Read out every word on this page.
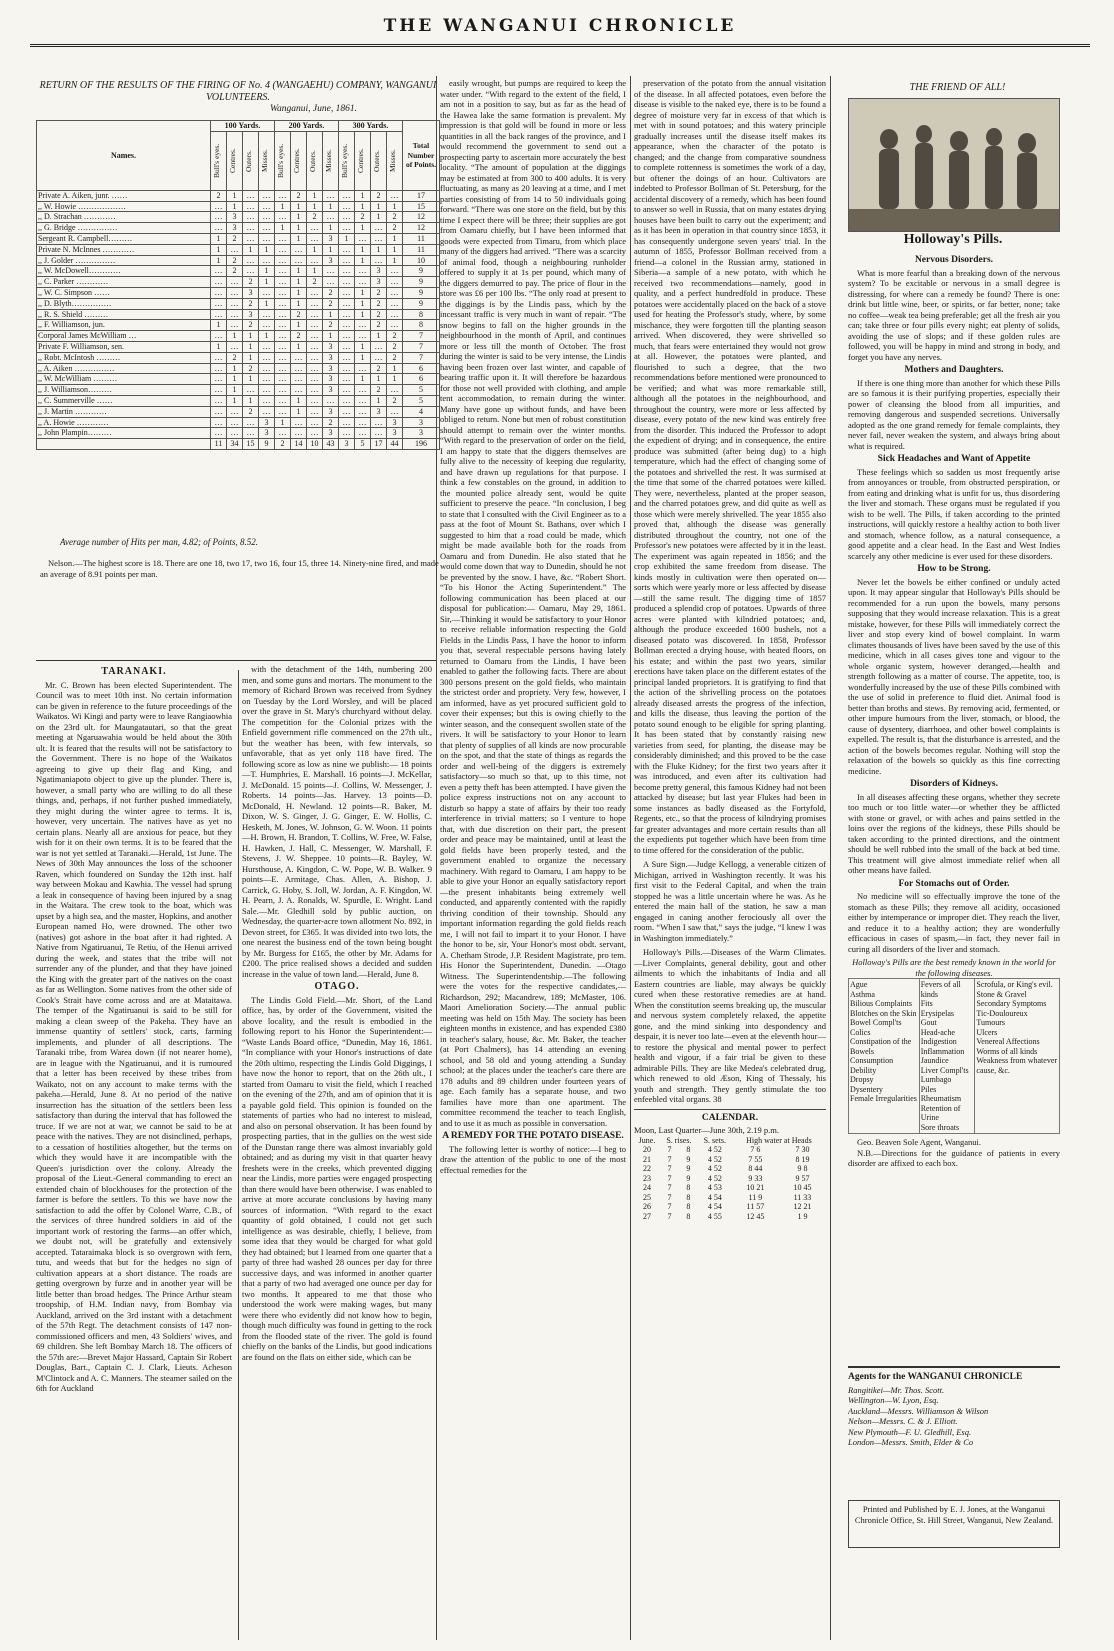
THE WANGANUI CHRONICLE
RETURN OF THE RESULTS OF THE FIRING OF No. 4 (WANGAEHU) COMPANY, WANGANUI VOLUNTEERS.
Wanganui, June, 1861.
Names.	100 Yards.				200 Yards.				300 Yards.				Total Number of Points.

	Bull's eyes.	Centres.	Outers.	Misses.	Bull's eyes.	Centres.	Outers.	Misses.	Bull's eyes.	Centres.	Outers.	Misses.	

Private A. Aiken, junr. ……	2	1	…	…	…	2	1	…	…	1	2	…	17
,, W. Howie ………………	…	1	…	…	1	1	1	1	…	1	1	1	15
,, D. Strachan …………	…	3	…	…	…	1	2	…	…	2	1	2	12
,, G. Bridge ……………	…	3	…	…	1	1	…	1	…	1	…	2	12
Sergeant R. Campbell………	1	2	…	…	…	1	…	3	1	…	…	1	11
Private N. McInnes …………	1	…	1	1	…	…	1	1	…	1	1	1	11
,, J. Golder ……………	1	2	…	…	…	…	…	3	…	1	…	1	10
,, W. McDowell…………	…	2	…	1	…	1	1	…	…	…	3	…	9
,, C. Parker …………	…	…	2	1	…	1	2	…	…	…	3	…	9
,, W. C. Simpson ……	…	…	3	…	…	1	…	2	…	1	2	…	9
,, D. Blyth……………	…	…	2	1	…	1	…	2	…	1	2	…	9
,, R. S. Shield ………	…	…	3	…	…	2	…	1	…	1	2	…	8
,, F. Williamson, jun.	1	…	2	…	…	1	…	2	…	…	2	…	8
Corporal James McWilliam …	…	1	1	1	…	2	…	1	…	…	1	2	7
Private F. Williamson, sen.	1	…	1	…	…	1	…	3	…	1	…	2	7
,, Robt. McIntosh ………	…	2	1	…	…	…	…	3	…	1	…	2	7
,, A. Aiken ……………	…	1	2	…	…	…	…	3	…	…	2	1	6
,, W. McWilliam ………	…	1	1	…	…	…	…	3	…	1	1	1	6
,, J. Williamson………	…	1	…	…	…	…	…	3	…	…	2	…	5
,, C. Summerville ……	…	1	1	…	…	1	…	…	…	…	1	2	5
,, J. Martin …………	…	…	2	…	…	1	…	3	…	…	3	…	4
,, A. Howie …………	…	…	…	3	1	…	…	2	…	…	…	3	3
,, John Plampin………	…	…	…	3	…	…	…	3	…	…	…	3	3
	11	34	15	9	2	14	10	43	3	5	17	44	196
Average number of Hits per man, 4.82; of Points, 8.52.
Nelson.—The highest score is 18. There are one 18, two 17, two 16, four 15, three 14. Ninety-nine fired, and made an average of 8.91 points per man.
TARANAKI.

Mr. C. Brown has been elected Superintendent. The Council was to meet 10th inst. No certain information can be given in reference to the future proceedings of the Waikatos. Wi Kingi and party were to leave Rangiaowhia on the 23rd ult. for Maungatautari, so that the great meeting at Ngaruawahia would be held about the 30th ult. It is feared that the results will not be satisfactory to the Government. There is no hope of the Waikatos agreeing to give up their flag and King, and Ngatimaniapoto object to give up the plunder. There is, however, a small party who are willing to do all these things, and, perhaps, if not further pushed immediately, they might during the winter agree to terms. It is, however, very uncertain. The natives have as yet no certain plans. Nearly all are anxious for peace, but they wish for it on their own terms. It is to be feared that the war is not yet settled at Taranaki.—Herald, 1st June. The News of 30th May announces the loss of the schooner Raven, which foundered on Sunday the 12th inst. half way between Mokau and Kawhia. The vessel had sprung a leak in consequence of having been injured by a snag in the Waitara. The crew took to the boat, which was upset by a high sea, and the master, Hopkins, and another European named Ho, were drowned. The other two (natives) got ashore in the boat after it had righted. A Native from Ngatiruanui, Te Retiu, of the Henui arrived during the week, and states that the tribe will not surrender any of the plunder, and that they have joined the King with the greater part of the natives on the coast as far as Wellington. Some natives from the other side of Cook's Strait have come across and are at Mataitawa. The temper of the Ngatiruanui is said to be still for making a clean sweep of the Pakeha. They have an immense quantity of settlers' stock, carts, farming implements, and plunder of all descriptions. The Taranaki tribe, from Warea down (if not nearer home), are in league with the Ngatiruanui, and it is rumoured that a letter has been received by these tribes from Waikato, not on any account to make terms with the pakeha.—Herald, June 8. At no period of the native insurrection has the situation of the settlers been less satisfactory than during the interval that has followed the truce. If we are not at war, we cannot be said to be at peace with the natives. They are not disinclined, perhaps, to a cessation of hostilities altogether, but the terms on which they would have it are incompatible with the Queen's jurisdiction over the colony. Already the proposal of the Lieut.-General commanding to erect an extended chain of blockhouses for the protection of the farmer is before the settlers. To this we have now the satisfaction to add the offer by Colonel Warre, C.B., of the services of three hundred soldiers in aid of the important work of restoring the farms—an offer which, we doubt not, will be gratefully and extensively accepted. Tataraimaka block is so overgrown with fern, tutu, and weeds that but for the hedges no sign of cultivation appears at a short distance. The roads are getting overgrown by furze and in another year will be little better than broad hedges. The Prince Arthur steam troopship, of H.M. Indian navy, from Bombay via Auckland, arrived on the 3rd instant with a detachment of the 57th Regt. The detachment consists of 147 non-commissioned officers and men, 43 Soldiers' wives, and 69 children. She left Bombay March 18. The officers of the 57th are:—Brevet Major Hassard, Captain Sir Robert Douglas, Bart., Captain C. J. Clark, Lieuts. Acheson M'Clintock and A. C. Manners. The steamer sailed on the 6th for Auckland

with the detachment of the 14th, numbering 200 men, and some guns and mortars. The monument to the memory of Richard Brown was received from Sydney on Tuesday by the Lord Worsley, and will be placed over the grave in St. Mary's churchyard without delay. The competition for the Colonial prizes with the Enfield government rifle commenced on the 27th ult., but the weather has been, with few intervals, so unfavorable, that as yet only 118 have fired. The following score as low as nine we publish:— 18 points—T. Humphries, E. Marshall. 16 points—J. McKellar, J. McDonald. 15 points—J. Collins, W. Messenger, J. Roberts. 14 points—Jas. Harvey. 13 points—D. McDonald, H. Newland. 12 points—R. Baker, M. Dixon, W. S. Ginger, J. G. Ginger, E. W. Hollis, C. Hesketh, M. Jones, W. Johnson, G. W. Woon. 11 points—H. Brown, H. Brandon, T. Collins, W. Free, W. False, H. Hawken, J. Hall, C. Messenger, W. Marshall, F. Stevens, J. W. Sheppee. 10 points—R. Bayley, W. Hursthouse, A. Kingdon, C. W. Pope, W. B. Walker. 9 points—E. Armitage, Chas. Allen, A. Bishop, J. Carrick, G. Hoby, S. Joll, W. Jordan, A. F. Kingdon, W. H. Pearn, J. A. Ronalds, W. Spurdle, E. Wright. Land Sale.—Mr. Gledhill sold by public auction, on Wednesday, the quarter-acre town allotment No. 892, in Devon street, for £365. It was divided into two lots, the one nearest the business end of the town being bought by Mr. Burgess for £165, the other by Mr. Adams for £200. The price realised shows a decided and sudden increase in the value of town land.—Herald, June 8.

OTAGO.

The Lindis Gold Field.—Mr. Short, of the Land office, has, by order of the Government, visited the above locality, and the result is embodied in the following report to his Honor the Superintendent:— “Waste Lands Board office, “Dunedin, May 16, 1861. “In compliance with your Honor's instructions of date the 20th ultimo, respecting the Lindis Gold Diggings, I have now the honor to report, that on the 26th ult., I started from Oamaru to visit the field, which I reached on the evening of the 27th, and am of opinion that it is a payable gold field. This opinion is founded on the statements of parties who had no interest to mislead, and also on personal observation. It has been found by prospecting parties, that in the gullies on the west side of the Dunstan range there was almost invariably gold obtained; and as during my visit in that quarter heavy freshets were in the creeks, which prevented digging near the Lindis, more parties were engaged prospecting than there would have been otherwise. I was enabled to arrive at more accurate conclusions by having many sources of information. “With regard to the exact quantity of gold obtained, I could not get such intelligence as was desirable, chiefly, I believe, from some idea that they would be charged for what gold they had obtained; but I learned from one quarter that a party of three had washed 28 ounces per day for three successive days, and was informed in another quarter that a party of two had averaged one ounce per day for two months. It appeared to me that those who understood the work were making wages, but many were there who evidently did not know how to begin, though much difficulty was found in getting to the rock from the flooded state of the river. The gold is found chiefly on the banks of the Lindis, but good indications are found on the flats on either side, which can be

easily wrought, but pumps are required to keep the water under. “With regard to the extent of the field, I am not in a position to say, but as far as the head of the Hawea lake the same formation is prevalent. My impression is that gold will be found in more or less quantities in all the back ranges of the province, and I would recommend the government to send out a prospecting party to ascertain more accurately the best locality. “The amount of population at the diggings may be estimated at from 300 to 400 adults. It is very fluctuating, as many as 20 leaving at a time, and I met parties consisting of from 14 to 50 individuals going forward. “There was one store on the field, but by this time I expect there will be three; their supplies are got from Oamaru chiefly, but I have been informed that goods were expected from Timaru, from which place many of the diggers had arrived. “There was a scarcity of animal food, though a neighbouring runholder offered to supply it at 1s per pound, which many of the diggers demurred to pay. The price of flour in the store was £6 per 100 lbs. “The only road at present to the diggings is by the Lindis pass, which by the incessant traffic is very much in want of repair. “The snow begins to fall on the higher grounds in the neighbourhood in the month of April, and continues more or less till the month of October. The frost during the winter is said to be very intense, the Lindis having been frozen over last winter, and capable of bearing traffic upon it. It will therefore be hazardous for those not well provided with clothing, and ample tent accommodation, to remain during the winter. Many have gone up without funds, and have been obliged to return. None but men of robust constitution should attempt to remain over the winter months. “With regard to the preservation of order on the field, I am happy to state that the diggers themselves are fully alive to the necessity of keeping due regularity, and have drawn up regulations for that purpose. I think a few constables on the ground, in addition to the mounted police already sent, would be quite sufficient to preserve the peace. “In conclusion, I beg to state that I consulted with the Civil Engineer as to a pass at the foot of Mount St. Bathans, over which I suggested to him that a road could be made, which might be made available both for the roads from Oamaru and from Dunedin. He also stated that he would come down that way to Dunedin, should he not be prevented by the snow. I have, &c. “Robert Short. “To his Honor the Acting Superintendent.” The following communication has been placed at our disposal for publication:— Oamaru, May 29, 1861. Sir,—Thinking it would be satisfactory to your Honor to receive reliable information respecting the Gold Fields in the Lindis Pass, I have the honor to inform you that, several respectable persons having lately returned to Oamaru from the Lindis, I have been enabled to gather the following facts. There are about 300 persons present on the gold fields, who maintain the strictest order and propriety. Very few, however, I am informed, have as yet procured sufficient gold to cover their expenses; but this is owing chiefly to the winter season, and the consequent swollen state of the rivers. It will be satisfactory to your Honor to learn that plenty of supplies of all kinds are now procurable on the spot, and that the state of things as regards the order and well-being of the diggers is extremely satisfactory—so much so that, up to this time, not even a petty theft has been attempted. I have given the police express instructions not on any account to disturb so happy a state of affairs by their too ready interference in trivial matters; so I venture to hope that, with due discretion on their part, the present order and peace may be maintained, until at least the gold fields have been properly tested, and the government enabled to organize the necessary machinery. With regard to Oamaru, I am happy to be able to give your Honor an equally satisfactory report—the present inhabitants being extremely well conducted, and apparently contented with the rapidly thriving condition of their township. Should any important information regarding the gold fields reach me, I will not fail to impart it to your Honor. I have the honor to be, sir, Your Honor's most obdt. servant, A. Chetham Strode, J.P. Resident Magistrate, pro tem. His Honor the Superintendent, Dunedin. —Otago Witness. The Superintendentship.—The following were the votes for the respective candidates,—Richardson, 292; Macandrew, 189; McMaster, 106. Maori Amelioration Society.—The annual public meeting was held on 15th May. The society has been eighteen months in existence, and has expended £380 in teacher's salary, house, &c. Mr. Baker, the teacher (at Port Chalmers), has 14 attending an evening school, and 58 old and young attending a Sunday school; at the places under the teacher's care there are 178 adults and 89 children under fourteen years of age. Each family has a separate house, and two families have more than one apartment. The committee recommend the teacher to teach English, and to use it as much as possible in conversation.

A REMEDY FOR THE POTATO DISEASE.

The following letter is worthy of notice:—I beg to draw the attention of the public to one of the most effectual remedies for the

preservation of the potato from the annual visitation of the disease. In all affected potatoes, even before the disease is visible to the naked eye, there is to be found a degree of moisture very far in excess of that which is met with in sound potatoes; and this watery principle gradually increases until the disease itself makes its appearance, when the character of the potato is changed; and the change from comparative soundness to complete rottenness is sometimes the work of a day, but oftener the doings of an hour. Cultivators are indebted to Professor Bollman of St. Petersburg, for the accidental discovery of a remedy, which has been found to answer so well in Russia, that on many estates drying houses have been built to carry out the experiment; and as it has been in operation in that country since 1853, it has consequently undergone seven years' trial. In the autumn of 1855, Professor Bollman received from a friend—a colonel in the Russian army, stationed in Siberia—a sample of a new potato, with which he received two recommendations—namely, good in quality, and a perfect hundredfold in produce. These potatoes were accidentally placed on the back of a stove used for heating the Professor's study, where, by some mischance, they were forgotten till the planting season arrived. When discovered, they were shrivelled so much, that fears were entertained they would not grow at all. However, the potatoes were planted, and flourished to such a degree, that the two recommendations before mentioned were pronounced to be verified; and what was more remarkable still, although all the potatoes in the neighbourhood, and throughout the country, were more or less affected by disease, every potato of the new kind was entirely free from the disorder. This induced the Professor to adopt the expedient of drying; and in consequence, the entire produce was submitted (after being dug) to a high temperature, which had the effect of changing some of the potatoes and shrivelled the rest. It was surmised at the time that some of the charred potatoes were killed. They were, nevertheless, planted at the proper season, and the charred potatoes grew, and did quite as well as those which were merely shrivelled. The year 1855 also proved that, although the disease was generally distributed throughout the country, not one of the Professor's new potatoes were affected by it in the least. The experiment was again repeated in 1856; and the crop exhibited the same freedom from disease. The kinds mostly in cultivation were then operated on—sorts which were yearly more or less affected by disease—still the same result. The digging time of 1857 produced a splendid crop of potatoes. Upwards of three acres were planted with kilndried potatoes; and, although the produce exceeded 1600 bushels, not a diseased potato was discovered. In 1858, Professor Bollman erected a drying house, with heated floors, on his estate; and within the past two years, similar erections have taken place on the different estates of the principal landed proprietors. It is gratifying to find that the action of the shrivelling process on the potatoes already diseased arrests the progress of the infection, and kills the disease, thus leaving the portion of the potato sound enough to be eligible for spring planting. It has been stated that by constantly raising new varieties from seed, for planting, the disease may be considerably diminished; and this proved to be the case with the Fluke Kidney; for the first two years after it was introduced, and even after its cultivation had become pretty general, this famous Kidney had not been attacked by disease; but last year Flukes had been in some instances as badly diseased as the Fortyfold, Regents, etc., so that the process of kilndrying promises far greater advantages and more certain results than all the expedients put together which have been from time to time offered for the consideration of the public.

A Sure Sign.—Judge Kellogg, a venerable citizen of Michigan, arrived in Washington recently. It was his first visit to the Federal Capital, and when the train stopped he was a little uncertain where he was. As he entered the main hall of the station, he saw a man engaged in caning another ferociously all over the room. “When I saw that,” says the judge, “I knew I was in Washington immediately.”

Holloway's Pills.—Diseases of the Warm Climates.—Liver Complaints, general debility, gout and other ailments to which the inhabitants of India and all Eastern countries are liable, may always be quickly cured when these restorative remedies are at hand. When the constitution seems breaking up, the muscular and nervous system completely relaxed, the appetite gone, and the mind sinking into despondency and despair, it is never too late—even at the eleventh hour—to restore the physical and mental power to perfect health and vigour, if a fair trial be given to these admirable Pills. They are like Medea's celebrated drug, which renewed to old Æson, King of Thessaly, his youth and strength. They gently stimulate the too enfeebled vital organs. 38

CALENDAR.
Moon, Last Quarter—June 30th, 2.19 p.m.
June.	S. rises.		S. sets.	High water at Heads	
20	7	8	4 52	7 6	7 30
21	7	9	4 52	7 55	8 19
22	7	9	4 52	8 44	9 8
23	7	9	4 52	9 33	9 57
24	7	8	4 53	10 21	10 45
25	7	8	4 54	11 9	11 33
26	7	8	4 54	11 57	12 21
27	7	8	4 55	12 45	1 9
THE FRIEND OF ALL!
Holloway's Pills.
Nervous Disorders.

What is more fearful than a breaking down of the nervous system? To be excitable or nervous in a small degree is distressing, for where can a remedy be found? There is one: drink but little wine, beer, or spirits, or far better, none; take no coffee—weak tea being preferable; get all the fresh air you can; take three or four pills every night; eat plenty of solids, avoiding the use of slops; and if these golden rules are followed, you will be happy in mind and strong in body, and forget you have any nerves.

Mothers and Daughters.

If there is one thing more than another for which these Pills are so famous it is their purifying properties, especially their power of cleansing the blood from all impurities, and removing dangerous and suspended secretions. Universally adopted as the one grand remedy for female complaints, they never fail, never weaken the system, and always bring about what is required.

Sick Headaches and Want of Appetite

These feelings which so sadden us most frequently arise from annoyances or trouble, from obstructed perspiration, or from eating and drinking what is unfit for us, thus disordering the liver and stomach. These organs must be regulated if you wish to be well. The Pills, if taken according to the printed instructions, will quickly restore a healthy action to both liver and stomach, whence follow, as a natural consequence, a good appetite and a clear head. In the East and West Indies scarcely any other medicine is ever used for these disorders.

How to be Strong.

Never let the bowels be either confined or unduly acted upon. It may appear singular that Holloway's Pills should be recommended for a run upon the bowels, many persons supposing that they would increase relaxation. This is a great mistake, however, for these Pills will immediately correct the liver and stop every kind of bowel complaint. In warm climates thousands of lives have been saved by the use of this medicine, which in all cases gives tone and vigour to the whole organic system, however deranged,—health and strength following as a matter of course. The appetite, too, is wonderfully increased by the use of these Pills combined with the use of solid in preference to fluid diet. Animal food is better than broths and stews. By removing acid, fermented, or other impure humours from the liver, stomach, or blood, the cause of dysentery, diarrhoea, and other bowel complaints is expelled. The result is, that the disturbance is arrested, and the action of the bowels becomes regular. Nothing will stop the relaxation of the bowels so quickly as this fine correcting medicine.

Disorders of Kidneys.

In all diseases affecting these organs, whether they secrete too much or too little water—or whether they be afflicted with stone or gravel, or with aches and pains settled in the loins over the regions of the kidneys, these Pills should be taken according to the printed directions, and the ointment should be well rubbed into the small of the back at bed time. This treatment will give almost immediate relief when all other means have failed.

For Stomachs out of Order.

No medicine will so effectually improve the tone of the stomach as these Pills; they remove all acidity, occasioned either by intemperance or improper diet. They reach the liver, and reduce it to a healthy action; they are wonderfully efficacious in cases of spasm,—in fact, they never fail in curing all disorders of the liver and stomach.

Holloway's Pills are the best remedy known in the world for the following diseases.

Ague
Asthma
Bilious Complaints
Blotches on the Skin
Bowel Compl'ts
Colics
Constipation of the Bowels
Consumption
Debility
Dropsy
Dysentery
Female Irregularities	Fevers of all kinds
Fits
Erysipelas
Gout
Head-ache
Indigestion
Inflammation
Jaundice
Liver Compl'ts
Lumbago
Piles
Rheumatism
Retention of Urine
Sore throats	Scrofula, or King's evil.
Stone & Gravel
Secondary Symptoms
Tic-Douloureux
Tumours
Ulcers
Venereal Affections
Worms of all kinds
Weakness from whatever cause, &c.

Geo. Beaven Sole Agent, Wanganui.

N.B.—Directions for the guidance of patients in every disorder are affixed to each box.

Agents for the WANGANUI CHRONICLE
Rangitikei—Mr. Thos. Scott.
Wellington—W. Lyon, Esq.
Auckland—Messrs. Williamson & Wilson
Nelson—Messrs. C. & J. Elliott.
New Plymouth—F. U. Gledhill, Esq.
London—Messrs. Smith, Elder & Co
Printed and Published by E. J. Jones, at the Wanganui Chronicle Office, St. Hill Street, Wanganui, New Zealand.
